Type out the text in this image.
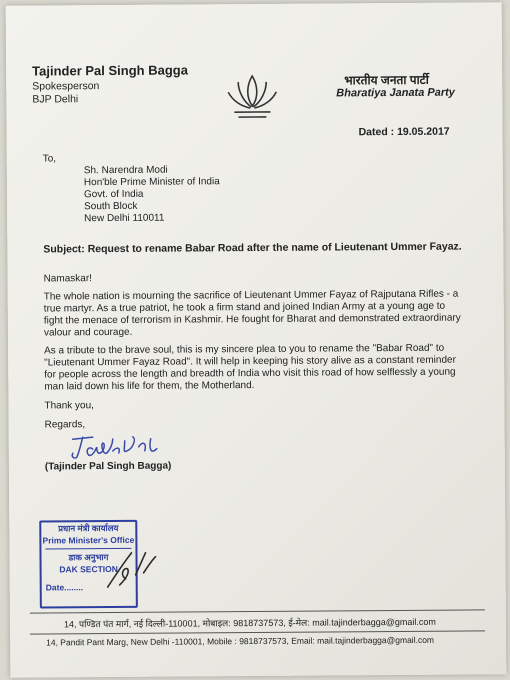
Tajinder Pal Singh Bagga
Spokesperson
BJP Delhi
भारतीय जनता पार्टी
Bharatiya Janata Party
Dated : 19.05.2017
To,
Sh. Narendra Modi
Hon'ble Prime Minister of India
Govt. of India
South Block
New Delhi 110011
Subject: Request to rename Babar Road after the name of Lieutenant Ummer Fayaz.
Namaskar!
The whole nation is mourning the sacrifice of Lieutenant Ummer Fayaz of Rajputana Rifles - a true martyr. As a true patriot, he took a firm stand and joined Indian Army at a young age to fight the menace of terrorism in Kashmir. He fought for Bharat and demonstrated extraordinary valour and courage.
As a tribute to the brave soul, this is my sincere plea to you to rename the "Babar Road" to "Lieutenant Ummer Fayaz Road". It will help in keeping his story alive as a constant reminder for people across the length and breadth of India who visit this road of how selflessly a young man laid down his life for them, the Motherland.
Thank you,
Regards,
(Tajinder Pal Singh Bagga)
प्रधान मंत्री कार्यालय
Prime Minister's Office
डाक अनुभाग
DAK SECTION
Date........
14, पण्डित पंत मार्ग, नई दिल्ली-110001, मोबाइल: 9818737573, ई-मेल: mail.tajinderbagga@gmail.com
14, Pandit Pant Marg, New Delhi -110001, Mobile : 9818737573, Email: mail.tajinderbagga@gmail.com
